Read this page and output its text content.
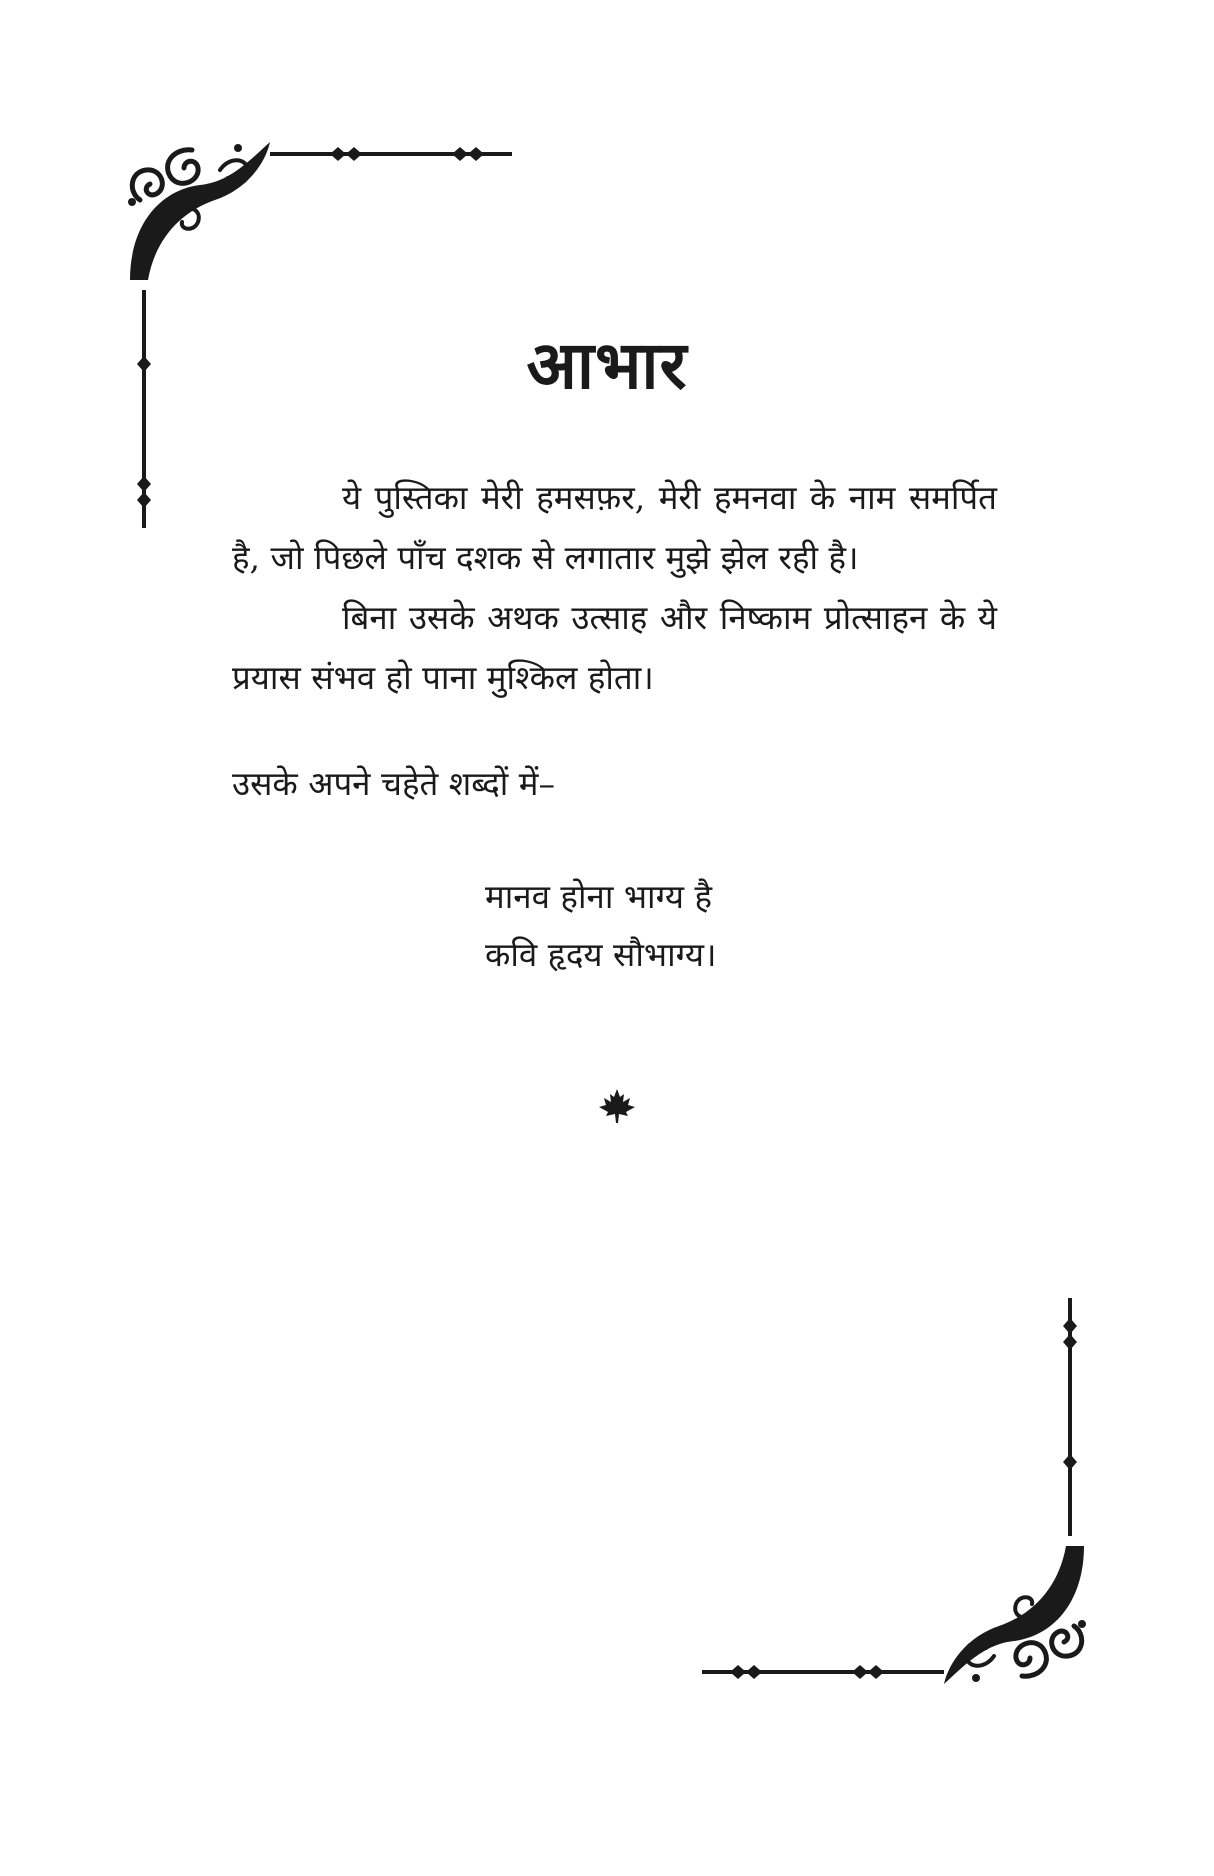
आभार

ये पुस्तिका मेरी हमसफ़र, मेरी हमनवा के नाम समर्पित है, जो पिछले पाँच दशक से लगातार मुझे झेल रही है।

बिना उसके अथक उत्साह और निष्काम प्रोत्साहन के ये प्रयास संभव हो पाना मुश्किल होता।

उसके अपने चहेते शब्दों में–

मानव होना भाग्य है
कवि हृदय सौभाग्य।
